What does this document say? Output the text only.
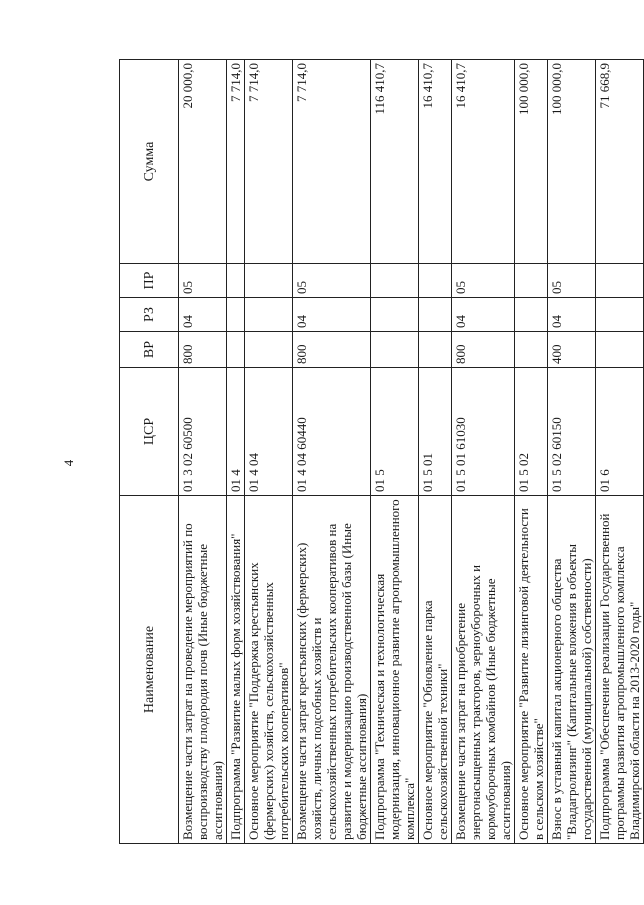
4
Наименование	ЦСР	ВР	РЗ	ПР	Сумма
Возмещение части затрат на проведение мероприятий по воспроизводству плодородия почв (Иные бюджетные ассигнования)	01 3 02 60500	800	04	05	20 000,0
Подпрограмма "Развитие малых форм хозяйствования"	01 4				7 714,0
Основное мероприятие "Поддержка крестьянских (фермерских) хозяйств, сельскохозяйственных потребительских кооперативов"	01 4 04				7 714,0
Возмещение части затрат крестьянских (фермерских) хозяйств, личных подсобных хозяйств и сельскохозяйственных потребительских кооперативов на развитие и модернизацию производственной базы (Иные бюджетные ассигнования)	01 4 04 60440	800	04	05	7 714,0
Подпрограмма "Техническая и технологическая модернизация, инновационное развитие агропромышленного комплекса"	01 5				116 410,7
Основное мероприятие "Обновление парка сельскохозяйственной техники"	01 5 01				16 410,7
Возмещение части затрат на приобретение энергонасыщенных тракторов, зерноуборочных и кормоуборочных комбайнов (Иные бюджетные ассигнования)	01 5 01 61030	800	04	05	16 410,7
Основное мероприятие "Развитие лизинговой деятельности в сельском хозяйстве"	01 5 02				100 000,0
Взнос в уставный капитал акционерного общества "Владагролизинг" (Капитальные вложения в объекты государственной (муниципальной) собственности)	01 5 02 60150	400	04	05	100 000,0
Подпрограмма "Обеспечение реализации Государственной программы развития агропромышленного комплекса Владимирской области на 2013-2020 годы"	01 6				71 668,9
